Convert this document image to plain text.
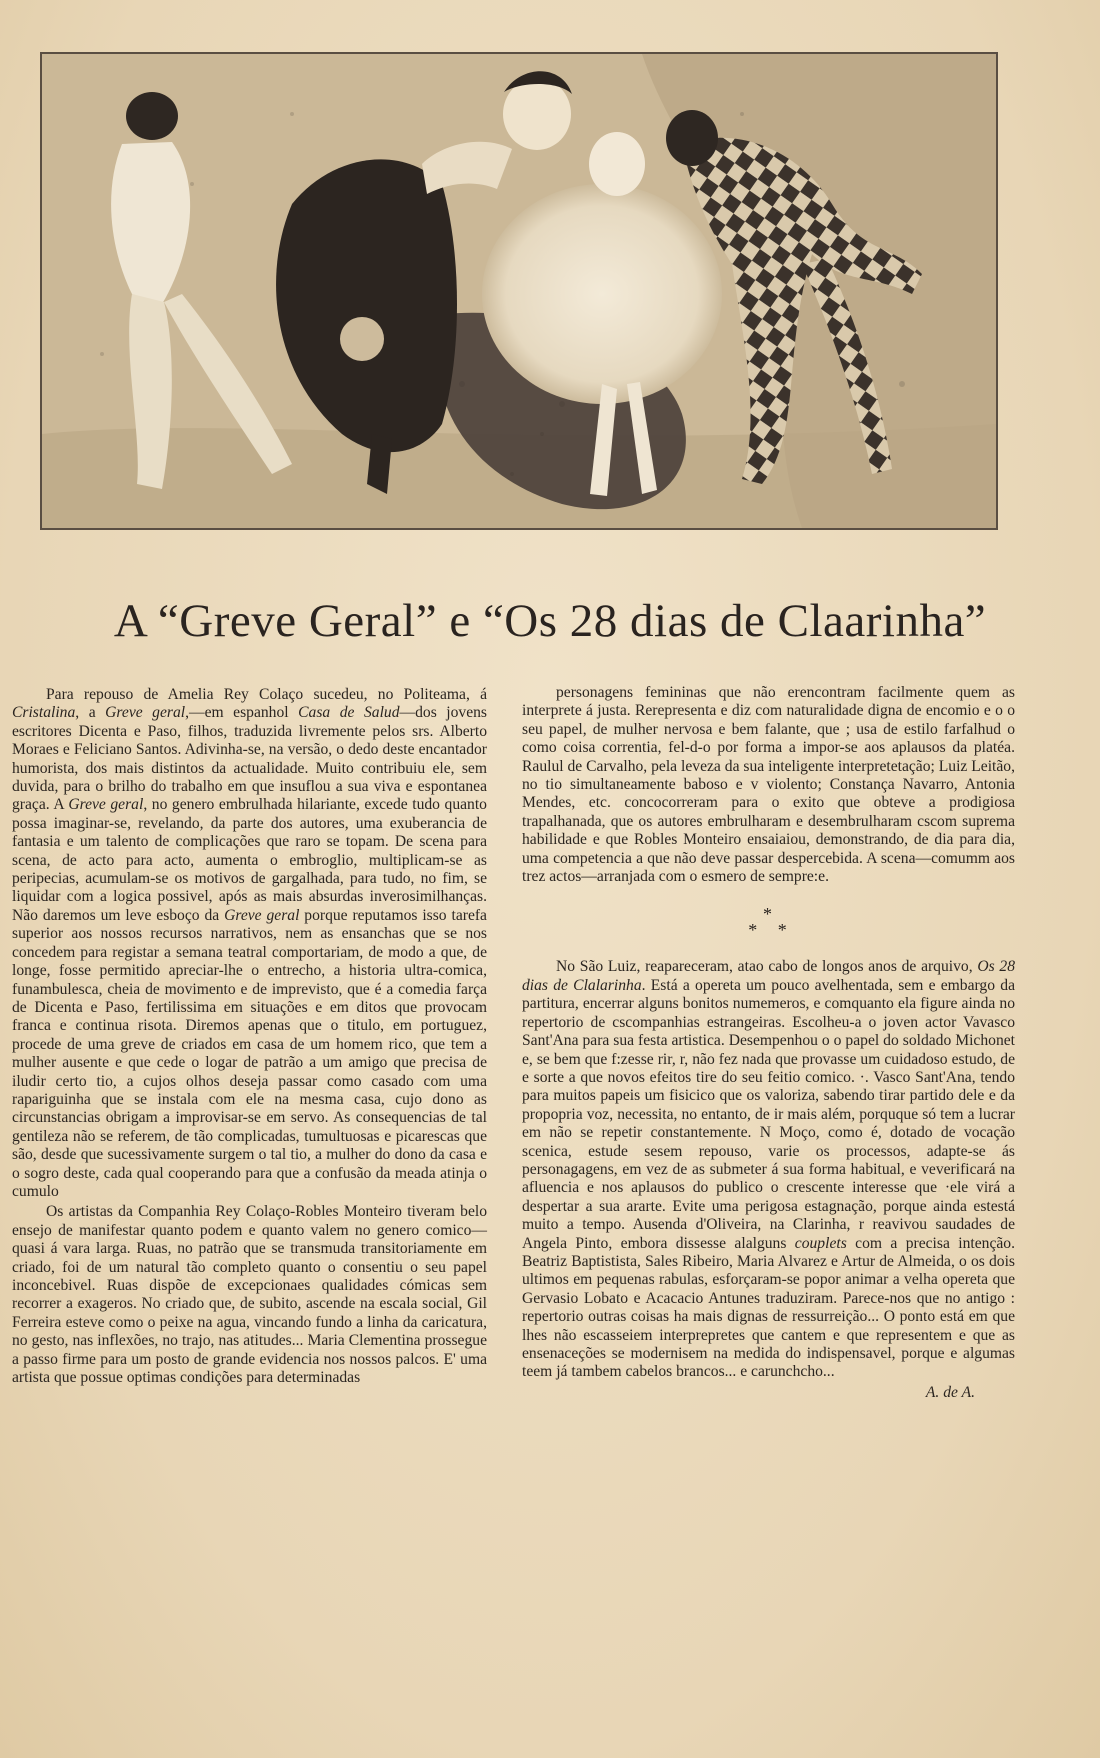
A “Greve Geral” e “Os 28 dias de Claarinha”

Para repouso de Amelia Rey Colaço sucedeu, no Politeama, á Cristalina, a Greve geral,—em espanhol Casa de Salud—dos jovens escritores Dicenta e Paso, filhos, traduzida livremente pelos srs. Alberto Moraes e Feliciano Santos. Adivinha-se, na versão, o dedo deste encantador humorista, dos mais distintos da actualidade. Muito contribuiu ele, sem duvida, para o brilho do trabalho em que insuflou a sua viva e espontanea graça. A Greve geral, no genero embrulhada hilariante, excede tudo quanto possa imaginar-se, revelando, da parte dos autores, uma exuberancia de fantasia e um talento de complicações que raro se topam. De scena para scena, de acto para acto, aumenta o embroglio, multiplicam-se as peripecias, acumulam-se os motivos de gargalhada, para tudo, no fim, se liquidar com a logica possivel, após as mais absurdas inverosimilhanças. Não daremos um leve esboço da Greve geral porque reputamos isso tarefa superior aos nossos recursos narrativos, nem as ensanchas que se nos concedem para registar a semana teatral comportariam, de modo a que, de longe, fosse permitido apreciar-lhe o entrecho, a historia ultra-comica, funambulesca, cheia de movimento e de imprevisto, que é a comedia farça de Dicenta e Paso, fertilissima em situações e em ditos que provocam franca e continua risota. Diremos apenas que o titulo, em portuguez, procede de uma greve de criados em casa de um homem rico, que tem a mulher ausente e que cede o logar de patrão a um amigo que precisa de iludir certo tio, a cujos olhos deseja passar como casado com uma rapariguinha que se instala com ele na mesma casa, cujo dono as circunstancias obrigam a improvisar-se em servo. As consequencias de tal gentileza não se referem, de tão complicadas, tumultuosas e picarescas que são, desde que sucessivamente surgem o tal tio, a mulher do dono da casa e o sogro deste, cada qual cooperando para que a confusão da meada atinja o cumulo

Os artistas da Companhia Rey Colaço-Robles Monteiro tiveram belo ensejo de manifestar quanto podem e quanto valem no genero comico—quasi á vara larga. Ruas, no patrão que se transmuda transitoriamente em criado, foi de um natural tão completo quanto o consentiu o seu papel inconcebivel. Ruas dispõe de excepcionaes qualidades cómicas sem recorrer a exageros. No criado que, de subito, ascende na escala social, Gil Ferreira esteve como o peixe na agua, vincando fundo a linha da caricatura, no gesto, nas inflexões, no trajo, nas atitudes... Maria Clementina prossegue a passo firme para um posto de grande evidencia nos nossos palcos. E' uma artista que possue optimas condições para determinadas

personagens femininas que não erencontram facilmente quem as interprete á justa. Rerepresenta e diz com naturalidade digna de encomio e o o seu papel, de mulher nervosa e bem falante, que ; usa de estilo farfalhud o como coisa correntia, fel-d-o por forma a impor-se aos aplausos da platéa. Raulul de Carvalho, pela leveza da sua inteligente interpretetação; Luiz Leitão, no tio simultaneamente baboso e v violento; Constança Navarro, Antonia Mendes, etc. concocorreram para o exito que obteve a prodigiosa trapalhanada, que os autores embrulharam e desembrulharam cscom suprema habilidade e que Robles Monteiro ensaiaiou, demonstrando, de dia para dia, uma competencia a que não deve passar despercebida. A scena—comumm aos trez actos—arranjada com o esmero de sempre:e.

*
* *

No São Luiz, reapareceram, atao cabo de longos anos de arquivo, Os 28 dias de Clalarinha. Está a opereta um pouco avelhentada, sem e embargo da partitura, encerrar alguns bonitos numemeros, e comquanto ela figure ainda no repertorio de cscompanhias estrangeiras. Escolheu-a o joven actor Vavasco Sant'Ana para sua festa artistica. Desempenhou o o papel do soldado Michonet e, se bem que f:zesse rir, r, não fez nada que provasse um cuidadoso estudo, de e sorte a que novos efeitos tire do seu feitio comico. ·. Vasco Sant'Ana, tendo para muitos papeis um fisicico que os valoriza, sabendo tirar partido dele e da propopria voz, necessita, no entanto, de ir mais além, porquque só tem a lucrar em não se repetir constantemente. N Moço, como é, dotado de vocação scenica, estude sesem repouso, varie os processos, adapte-se ás personagagens, em vez de as submeter á sua forma habitual, e veverificará na afluencia e nos aplausos do publico o crescente interesse que ·ele virá a despertar a sua ararte. Evite uma perigosa estagnação, porque ainda estestá muito a tempo. Ausenda d'Oliveira, na Clarinha, r reavivou saudades de Angela Pinto, embora dissesse alalguns couplets com a precisa intenção. Beatriz Baptistista, Sales Ribeiro, Maria Alvarez e Artur de Almeida, o os dois ultimos em pequenas rabulas, esforçaram-se popor animar a velha opereta que Gervasio Lobato e Acacacio Antunes traduziram. Parece-nos que no antigo : repertorio outras coisas ha mais dignas de ressurreição... O ponto está em que lhes não escasseiem interprepretes que cantem e que representem e que as ensenaceções se modernisem na medida do indispensavel, porque e algumas teem já tambem cabelos brancos... e carunchcho...

A. de A.
